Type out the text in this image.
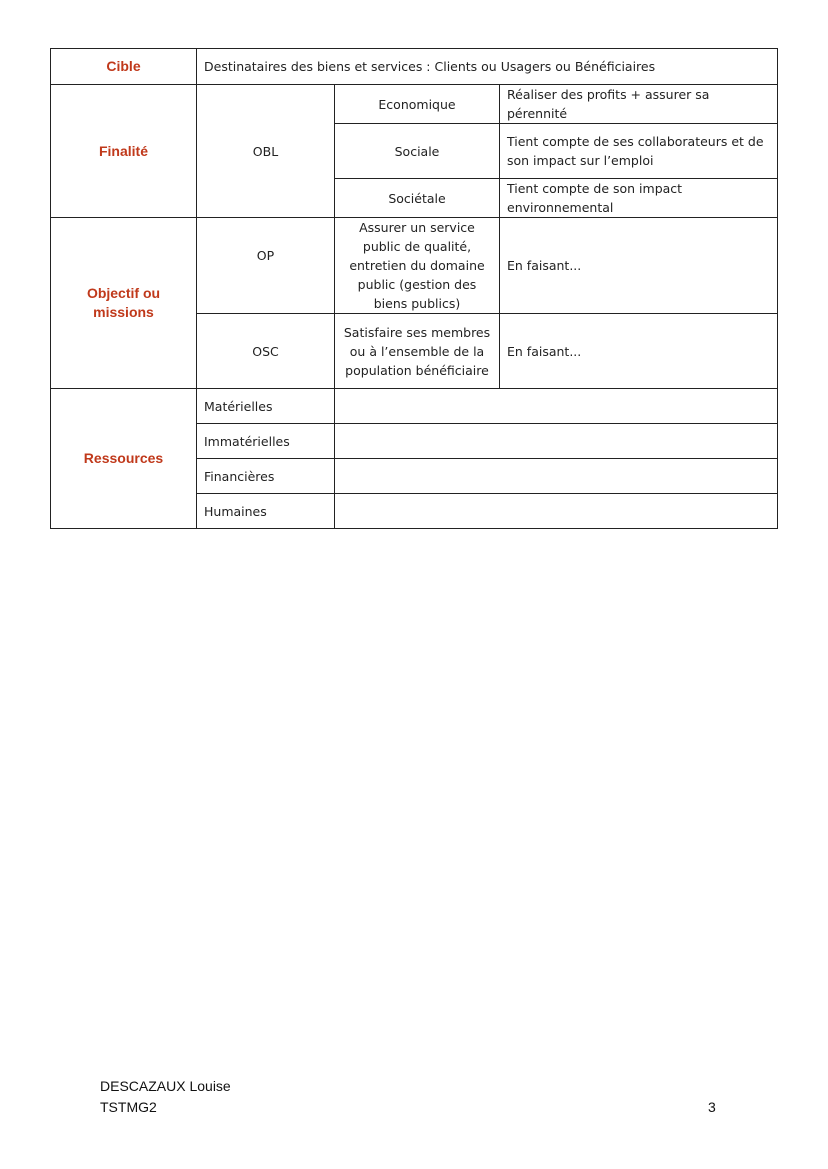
Cible	Destinataires des biens et services : Clients ou Usagers ou Bénéficiaires		
Finalité	OBL	Economique	Réaliser des profits + assurer sa pérennité
		Sociale	Tient compte de ses collaborateurs et de son impact sur l’emploi
		Sociétale	Tient compte de son impact environnemental
Objectif ou missions	OP	Assurer un service public de qualité, entretien du domaine public (gestion des biens publics)	En faisant...
	OSC	Satisfaire ses membres ou à l’ensemble de la population bénéficiaire	En faisant...
Ressources	Matérielles		
	Immatérielles		
	Financières		
	Humaines		
DESCAZAUX Louise
TSTMG2	3
